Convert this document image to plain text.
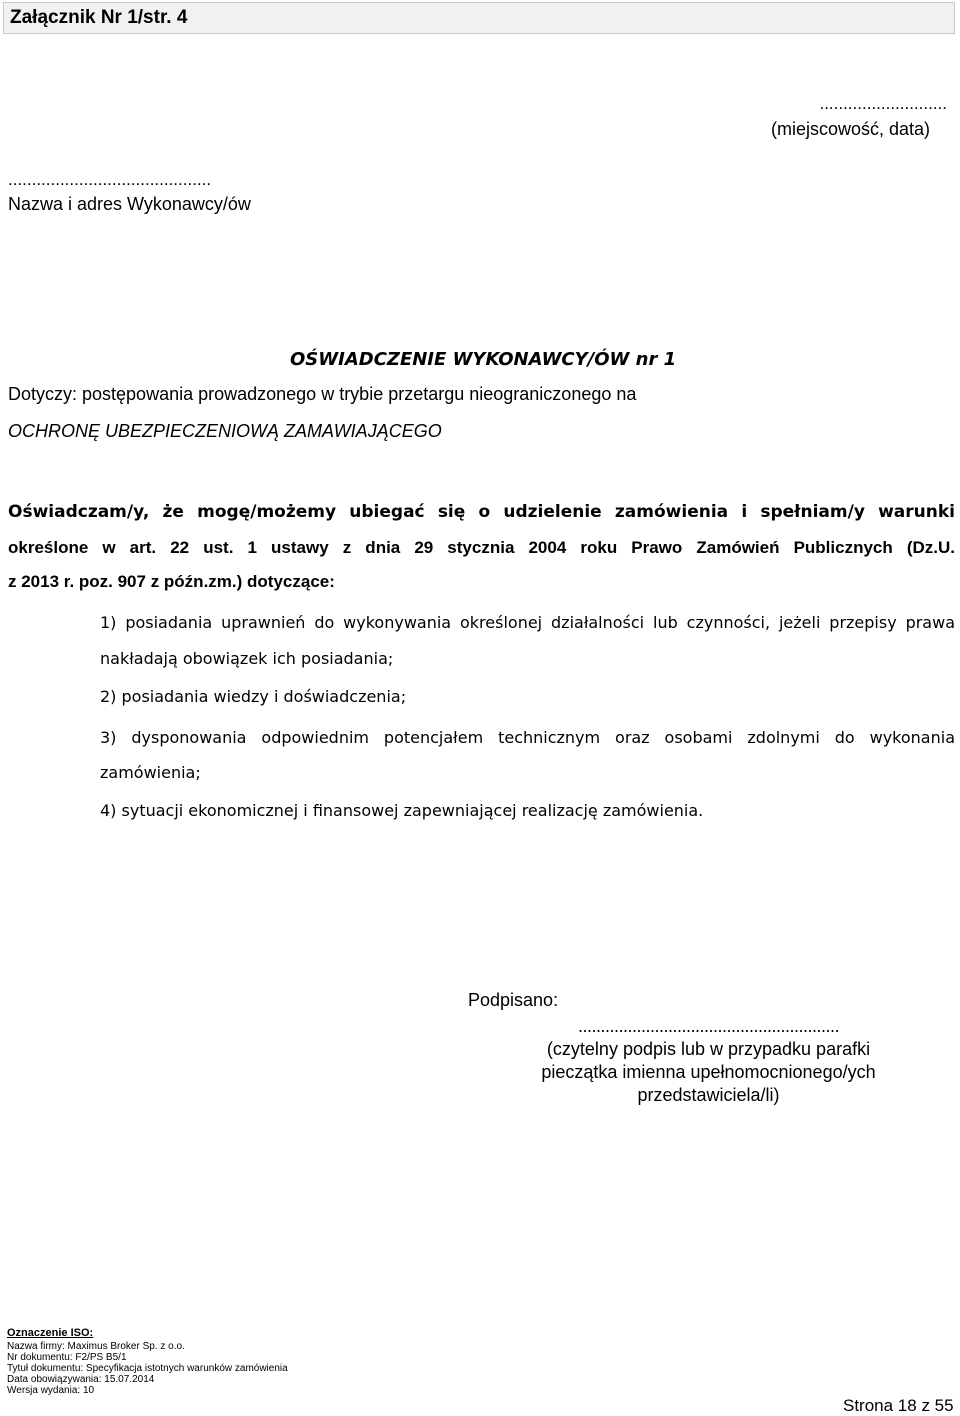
Załącznik Nr 1/str. 4
...........................
(miejscowość, data)
...........................................
Nazwa i adres Wykonawcy/ów
OŚWIADCZENIE WYKONAWCY/ÓW nr 1
Dotyczy: postępowania prowadzonego w trybie przetargu nieograniczonego na
OCHRONĘ UBEZPIECZENIOWĄ ZAMAWIAJĄCEGO
Oświadczam/y, że mogę/możemy ubiegać się o udzielenie zamówienia i spełniam/y warunki
określone w art. 22 ust. 1 ustawy z dnia 29 stycznia 2004 roku Prawo Zamówień Publicznych (Dz.U.
z 2013 r. poz. 907 z późn.zm.) dotyczące:
1) posiadania uprawnień do wykonywania określonej działalności lub czynności, jeżeli przepisy prawa
nakładają obowiązek ich posiadania;
2) posiadania wiedzy i doświadczenia;
3) dysponowania odpowiednim potencjałem technicznym oraz osobami zdolnymi do wykonania
zamówienia;
4) sytuacji ekonomicznej i finansowej zapewniającej realizację zamówienia.
Podpisano:
..........................................................
(czytelny podpis lub w przypadku parafki
pieczątka imienna upełnomocnionego/ych
przedstawiciela/li)
Oznaczenie ISO:
Nazwa firmy: Maximus Broker Sp. z o.o.
Nr dokumentu: F2/PS B5/1
Tytuł dokumentu: Specyfikacja istotnych warunków zamówienia
Data obowiązywania: 15.07.2014
Wersja wydania: 10
Strona 18 z 55
